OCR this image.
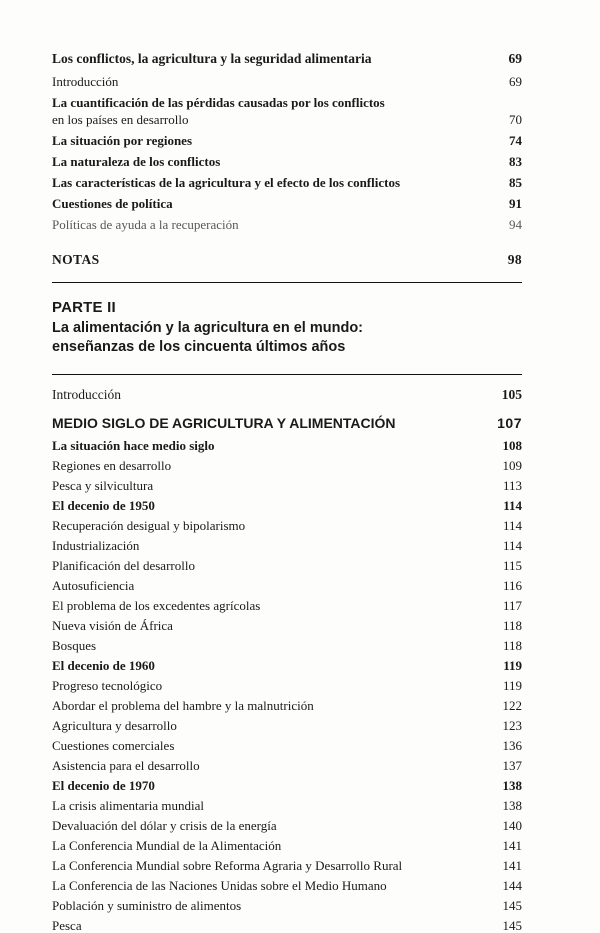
Los conflictos, la agricultura y la seguridad alimentaria	69
Introducción	69
La cuantificación de las pérdidas causadas por los conflictos
en los países en desarrollo	70
La situación por regiones	74
La naturaleza de los conflictos	83
Las características de la agricultura y el efecto de los conflictos	85
Cuestiones de política	91
Políticas de ayuda a la recuperación	94
NOTAS	98
PARTE II
La alimentación y la agricultura en el mundo:
enseñanzas de los cincuenta últimos años
Introducción	105
MEDIO SIGLO DE AGRICULTURA Y ALIMENTACIÓN	107
La situación hace medio siglo	108
Regiones en desarrollo	109
Pesca y silvicultura	113
El decenio de 1950	114
Recuperación desigual y bipolarismo	114
Industrialización	114
Planificación del desarrollo	115
Autosuficiencia	116
El problema de los excedentes agrícolas	117
Nueva visión de África	118
Bosques	118
El decenio de 1960	119
Progreso tecnológico	119
Abordar el problema del hambre y la malnutrición	122
Agricultura y desarrollo	123
Cuestiones comerciales	136
Asistencia para el desarrollo	137
El decenio de 1970	138
La crisis alimentaria mundial	138
Devaluación del dólar y crisis de la energía	140
La Conferencia Mundial de la Alimentación	141
La Conferencia Mundial sobre Reforma Agraria y Desarrollo Rural	141
La Conferencia de las Naciones Unidas sobre el Medio Humano	144
Población y suministro de alimentos	145
Pesca	145
